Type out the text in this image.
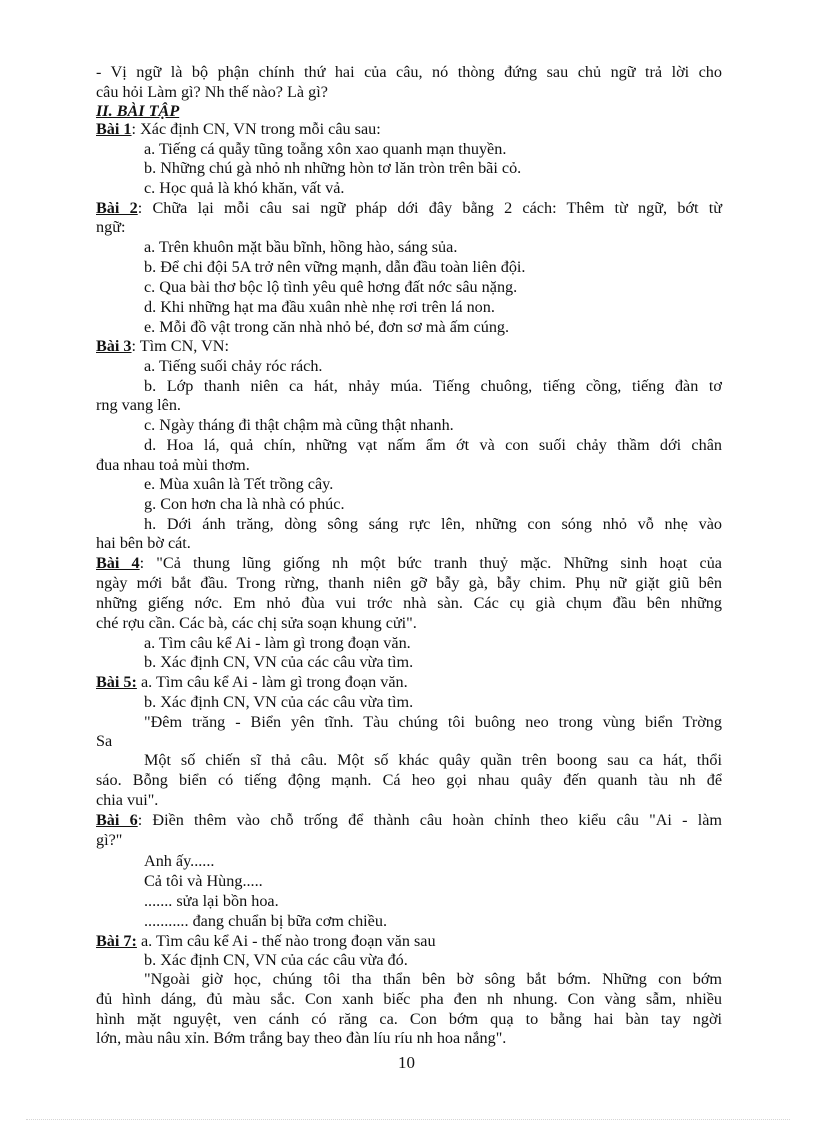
- Vị ngữ là bộ phận chính thứ hai của câu, nó thòng đứng sau chủ ngữ trả lời cho
câu hỏi Làm gì? Nh thế nào? Là gì?
II. BÀI TẬP
Bài 1: Xác định CN, VN trong mỗi câu sau:
a. Tiếng cá quẫy tũng toẵng xôn xao quanh mạn thuyền.
b. Những chú gà nhỏ nh những hòn tơ lăn tròn trên bãi cỏ.
c. Học quả là khó khăn, vất vả.
Bài 2: Chữa lại mỗi câu sai ngữ pháp dới đây bằng 2 cách: Thêm từ ngữ, bớt từ
ngữ:
a. Trên khuôn mặt bầu bĩnh, hồng hào, sáng sủa.
b. Để chi đội 5A trở nên vững mạnh, dẫn đầu toàn liên đội.
c. Qua bài thơ bộc lộ tình yêu quê hơng đất nớc sâu nặng.
d. Khi những hạt ma đầu xuân nhè nhẹ rơi trên lá non.
e. Mỗi đồ vật trong căn nhà nhỏ bé, đơn sơ mà ấm cúng.
Bài 3: Tìm CN, VN:
a. Tiếng suối chảy róc rách.
b. Lớp thanh niên ca hát, nhảy múa. Tiếng chuông, tiếng cồng, tiếng đàn tơ
rng vang lên.
c. Ngày tháng đi thật chậm mà cũng thật nhanh.
d. Hoa lá, quả chín, những vạt nấm ẩm ớt và con suối chảy thầm dới chân
đua nhau toả mùi thơm.
e. Mùa xuân là Tết trồng cây.
g. Con hơn cha là nhà có phúc.
h. Dới ánh trăng, dòng sông sáng rực lên, những con sóng nhỏ vỗ nhẹ vào
hai bên bờ cát.
Bài 4: "Cả thung lũng giống nh một bức tranh thuỷ mặc. Những sinh hoạt của
ngày mới bắt đầu. Trong rừng, thanh niên gỡ bẫy gà, bẫy chim. Phụ nữ giặt giũ bên
những giếng nớc. Em nhỏ đùa vui trớc nhà sàn. Các cụ già chụm đầu bên những
ché rợu cần. Các bà, các chị sửa soạn khung cửi".
a. Tìm câu kể Ai - làm gì trong đoạn văn.
b. Xác định CN, VN của các câu vừa tìm.
Bài 5: a. Tìm câu kể Ai - làm gì trong đoạn văn.
b. Xác định CN, VN của các câu vừa tìm.
"Đêm trăng - Biển yên tĩnh. Tàu chúng tôi buông neo trong vùng biển Trờng
Sa
Một số chiến sĩ thả câu. Một số khác quây quần trên boong sau ca hát, thổi
sáo. Bỗng biển có tiếng động mạnh. Cá heo gọi nhau quây đến quanh tàu nh để
chia vui".
Bài 6: Điền thêm vào chỗ trống để thành câu hoàn chỉnh theo kiểu câu "Ai - làm
gì?"
Anh ấy......
Cả tôi và Hùng.....
....... sửa lại bồn hoa.
........... đang chuẩn bị bữa cơm chiều.
Bài 7: a. Tìm câu kể Ai - thế nào trong đoạn văn sau
b. Xác định CN, VN của các câu vừa đó.
"Ngoài giờ học, chúng tôi tha thẩn bên bờ sông bắt bớm. Những con bớm
đủ hình dáng, đủ màu sắc. Con xanh biếc pha đen nh nhung. Con vàng sẫm, nhiều
hình mặt nguyệt, ven cánh có răng ca. Con bớm quạ to bằng hai bàn tay ngời
lớn, màu nâu xỉn. Bớm trắng bay theo đàn líu ríu nh hoa nắng".
10
